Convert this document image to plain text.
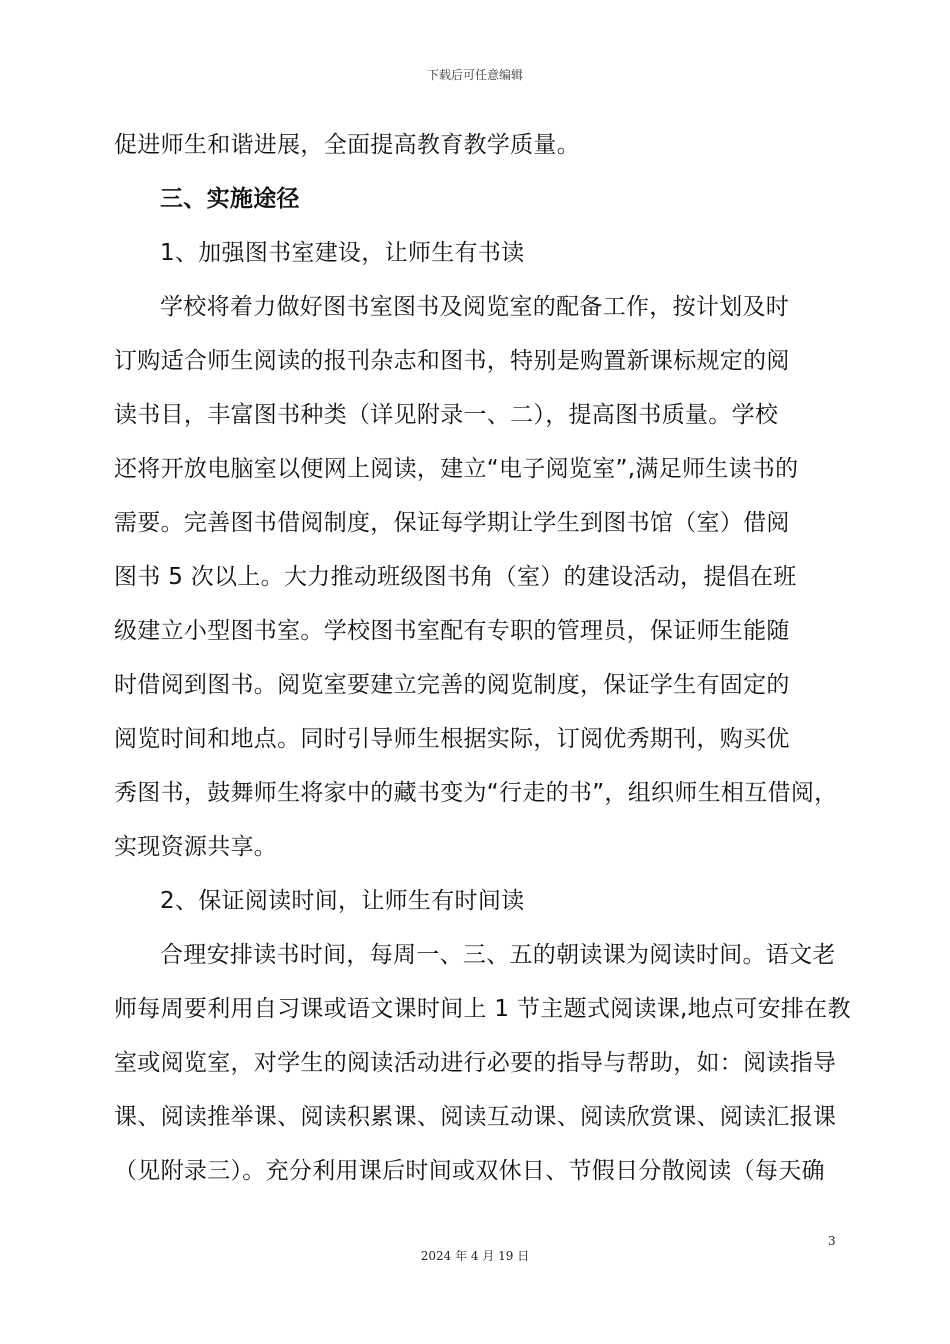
下载后可任意编辑
促进师生和谐进展，全面提高教育教学质量。
三、实施途径
1、加强图书室建设，让师生有书读
学校将着力做好图书室图书及阅览室的配备工作，按计划及时
订购适合师生阅读的报刊杂志和图书，特别是购置新课标规定的阅
读书目，丰富图书种类（详见附录一、二），提高图书质量。学校
还将开放电脑室以便网上阅读，建立“电子阅览室”,满足师生读书的
需要。完善图书借阅制度，保证每学期让学生到图书馆（室）借阅
图书 5 次以上。大力推动班级图书角（室）的建设活动，提倡在班
级建立小型图书室。学校图书室配有专职的管理员，保证师生能随
时借阅到图书。阅览室要建立完善的阅览制度，保证学生有固定的
阅览时间和地点。同时引导师生根据实际，订阅优秀期刊，购买优
秀图书，鼓舞师生将家中的藏书变为“行走的书”，组织师生相互借阅，
实现资源共享。
2、保证阅读时间，让师生有时间读
合理安排读书时间，每周一、三、五的朝读课为阅读时间。语文老
师每周要利用自习课或语文课时间上 1 节主题式阅读课,地点可安排在教
室或阅览室，对学生的阅读活动进行必要的指导与帮助，如：阅读指导
课、阅读推举课、阅读积累课、阅读互动课、阅读欣赏课、阅读汇报课
（见附录三）。充分利用课后时间或双休日、节假日分散阅读（每天确
3
2024 年 4 月 19 日
